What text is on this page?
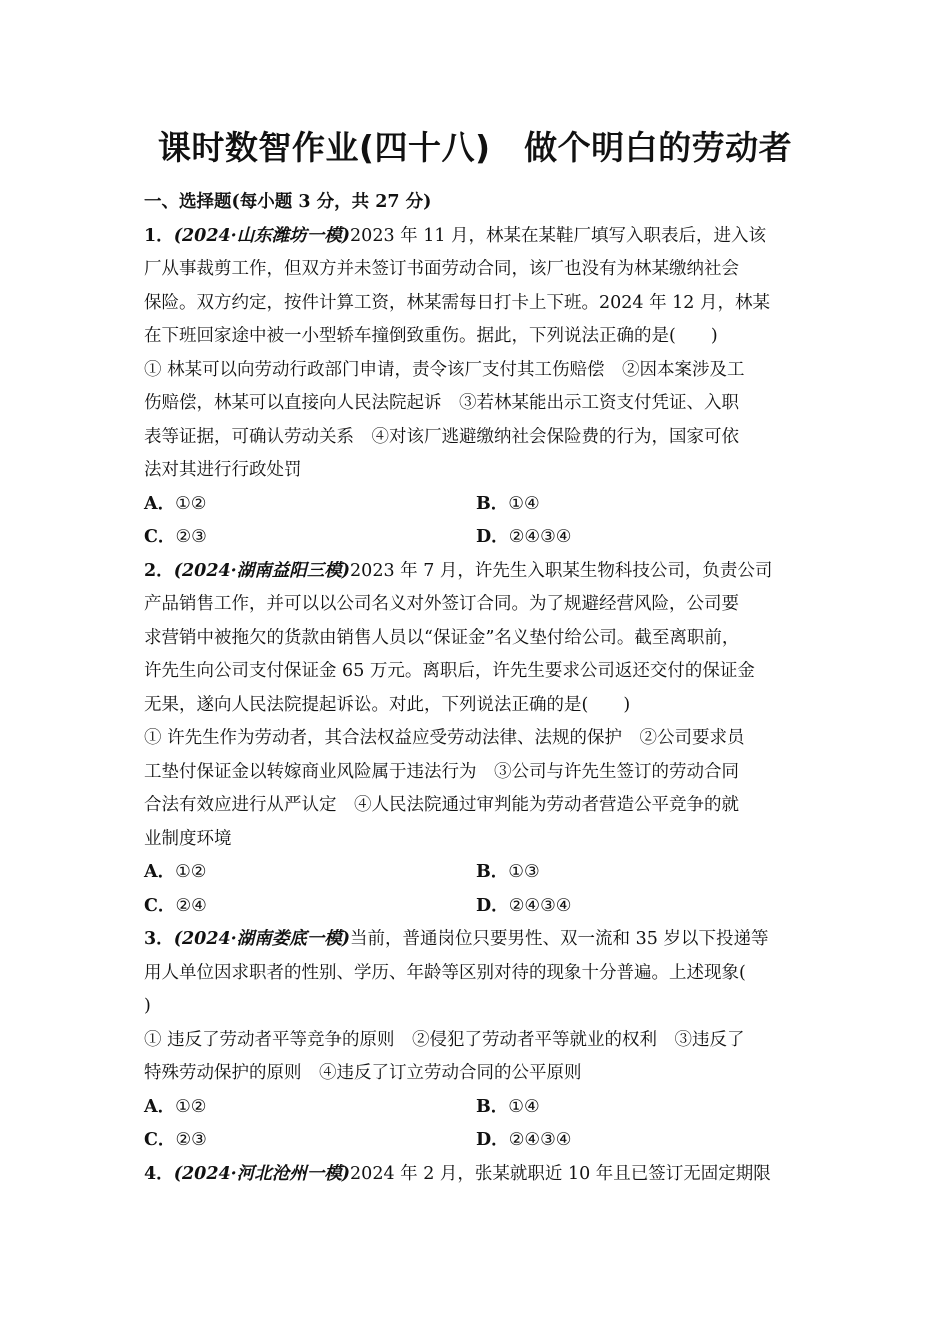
课时数智作业(四十八)　做个明白的劳动者
一、选择题(每小题 3 分，共 27 分)
1．(2024·山东潍坊一模)2023 年 11 月，林某在某鞋厂填写入职表后，进入该
厂从事裁剪工作，但双方并未签订书面劳动合同，该厂也没有为林某缴纳社会
保险。双方约定，按件计算工资，林某需每日打卡上下班。2024 年 12 月，林某
在下班回家途中被一小型轿车撞倒致重伤。据此，下列说法正确的是(　　)
① 林某可以向劳动行政部门申请，责令该厂支付其工伤赔偿　②因本案涉及工
伤赔偿，林某可以直接向人民法院起诉　③若林某能出示工资支付凭证、入职
表等证据，可确认劳动关系　④对该厂逃避缴纳社会保险费的行为，国家可依
法对其进行行政处罚
A．①②	B．①④
C．②③	D．②④③④
2．(2024·湖南益阳三模)2023 年 7 月，许先生入职某生物科技公司，负责公司
产品销售工作，并可以以公司名义对外签订合同。为了规避经营风险，公司要
求营销中被拖欠的货款由销售人员以“保证金”名义垫付给公司。截至离职前，
许先生向公司支付保证金 65 万元。离职后，许先生要求公司返还交付的保证金
无果，遂向人民法院提起诉讼。对此，下列说法正确的是(　　)
① 许先生作为劳动者，其合法权益应受劳动法律、法规的保护　②公司要求员
工垫付保证金以转嫁商业风险属于违法行为　③公司与许先生签订的劳动合同
合法有效应进行从严认定　④人民法院通过审判能为劳动者营造公平竞争的就
业制度环境
A．①②	B．①③
C．②④	D．②④③④
3．(2024·湖南娄底一模)当前，普通岗位只要男性、双一流和 35 岁以下投递等
用人单位因求职者的性别、学历、年龄等区别对待的现象十分普遍。上述现象(
)
① 违反了劳动者平等竞争的原则　②侵犯了劳动者平等就业的权利　③违反了
特殊劳动保护的原则　④违反了订立劳动合同的公平原则
A．①②	B．①④
C．②③	D．②④③④
4．(2024·河北沧州一模)2024 年 2 月，张某就职近 10 年且已签订无固定期限
